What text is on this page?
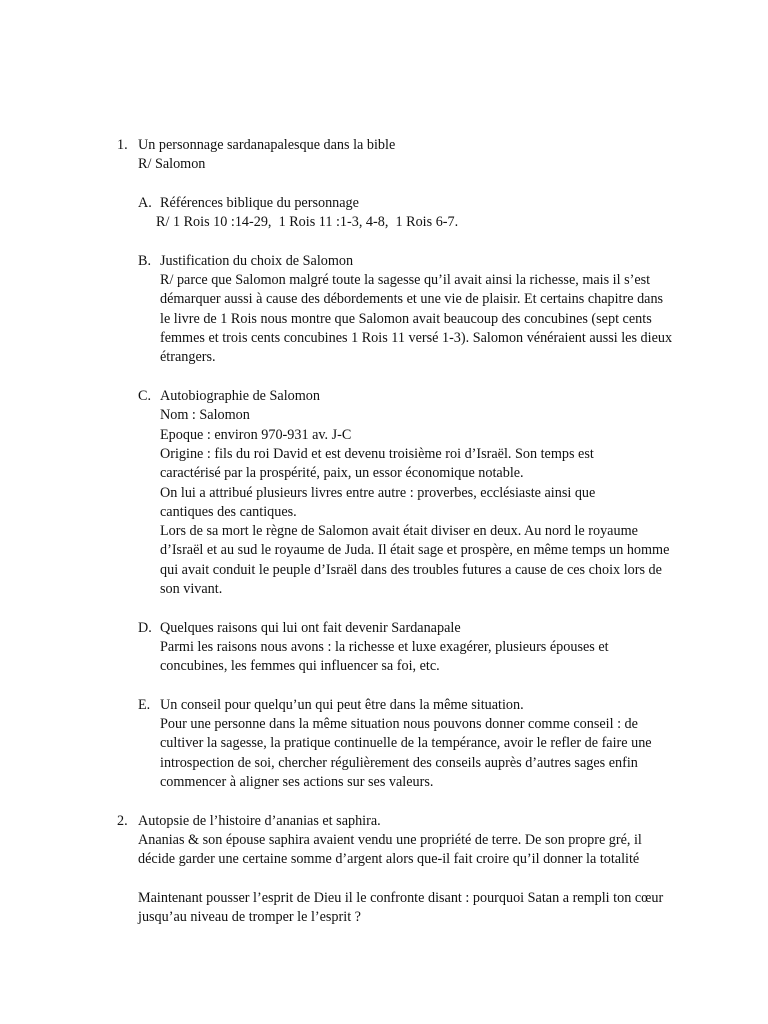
1. Un personnage sardanapalesque dans la bible
R/ Salomon
A. Références biblique du personnage
R/ 1 Rois 10 :14-29,  1 Rois 11 :1-3, 4-8,  1 Rois 6-7.
B. Justification du choix de Salomon

R/ parce que Salomon malgré toute la sagesse qu’il avait ainsi la richesse, mais il s’est démarquer aussi à cause des débordements et une vie de plaisir. Et certains chapitre dans le livre de 1 Rois nous montre que Salomon avait beaucoup des concubines (sept cents femmes et trois cents concubines 1 Rois 11 versé 1-3). Salomon vénéraient aussi les dieux étrangers.

C. Autobiographie de Salomon
Nom : Salomon
Epoque : environ 970-931 av. J-C

Origine : fils du roi David et est devenu troisième roi d’Israël. Son temps est caractérisé par la prospérité, paix, un essor économique notable.

On lui a attribué plusieurs livres entre autre : proverbes, ecclésiaste ainsi que cantiques des cantiques.

Lors de sa mort le règne de Salomon avait était diviser en deux. Au nord le royaume d’Israël et au sud le royaume de Juda. Il était sage et prospère, en même temps un homme qui avait conduit le peuple d’Israël dans des troubles futures a cause de ces choix lors de son vivant.

D. Quelques raisons qui lui ont fait devenir Sardanapale

Parmi les raisons nous avons : la richesse et luxe exagérer, plusieurs épouses et concubines, les femmes qui influencer sa foi, etc.

E. Un conseil pour quelqu’un qui peut être dans la même situation.

Pour une personne dans la même situation nous pouvons donner comme conseil : de cultiver la sagesse, la pratique continuelle de la tempérance, avoir le refler de faire une introspection de soi, chercher régulièrement des conseils auprès d’autres sages enfin commencer à aligner ses actions sur ses valeurs.

2. Autopsie de l’histoire d’ananias et saphira.

Ananias & son épouse saphira avaient vendu une propriété de terre. De son propre gré, il décide garder une certaine somme d’argent alors que-il fait croire qu’il donner la totalité

Maintenant pousser l’esprit de Dieu il le confronte disant : pourquoi Satan a rempli ton cœur jusqu’au niveau de tromper le l’esprit ?
